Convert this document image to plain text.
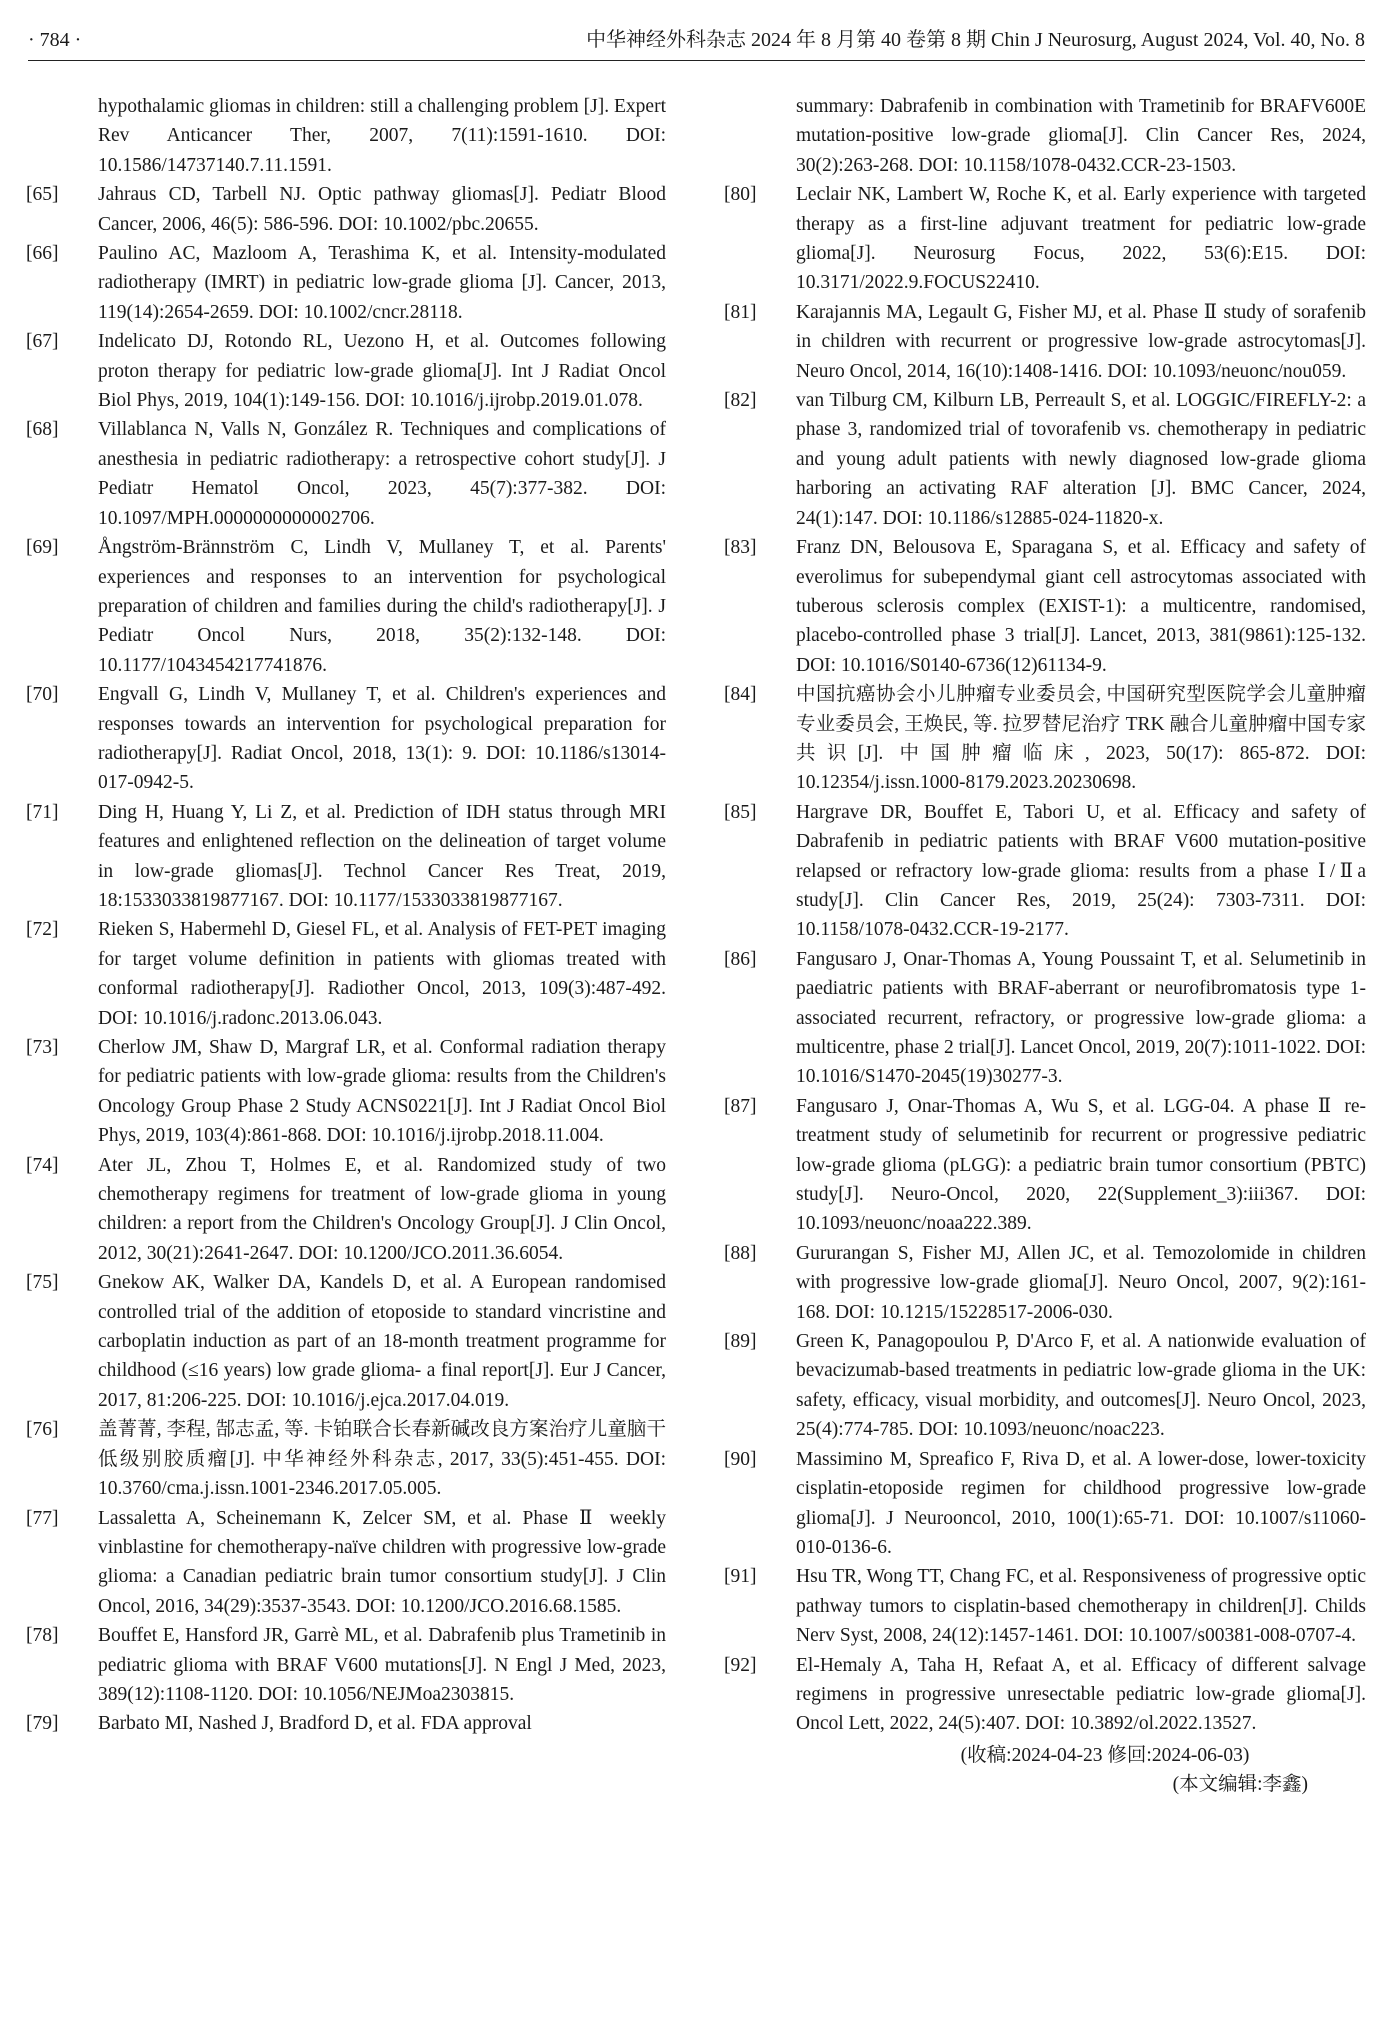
· 784 ·	中华神经外科杂志 2024 年 8 月第 40 卷第 8 期 Chin J Neurosurg, August 2024, Vol. 40, No. 8
hypothalamic gliomas in children: still a challenging problem [J]. Expert Rev Anticancer Ther, 2007, 7(11):1591-1610. DOI: 10.1586/14737140.7.11.1591.
[65] Jahraus CD, Tarbell NJ. Optic pathway gliomas[J]. Pediatr Blood Cancer, 2006, 46(5): 586-596. DOI: 10.1002/pbc.20655.
[66] Paulino AC, Mazloom A, Terashima K, et al. Intensity-modulated radiotherapy (IMRT) in pediatric low-grade glioma [J]. Cancer, 2013, 119(14):2654-2659. DOI: 10.1002/cncr.28118.
[67] Indelicato DJ, Rotondo RL, Uezono H, et al. Outcomes following proton therapy for pediatric low-grade glioma[J]. Int J Radiat Oncol Biol Phys, 2019, 104(1):149-156. DOI: 10.1016/j.ijrobp.2019.01.078.
[68] Villablanca N, Valls N, González R. Techniques and complications of anesthesia in pediatric radiotherapy: a retrospective cohort study[J]. J Pediatr Hematol Oncol, 2023, 45(7):377-382. DOI: 10.1097/MPH.0000000000002706.
[69] Ångström-Brännström C, Lindh V, Mullaney T, et al. Parents' experiences and responses to an intervention for psychological preparation of children and families during the child's radiotherapy[J]. J Pediatr Oncol Nurs, 2018, 35(2):132-148. DOI: 10.1177/1043454217741876.
[70] Engvall G, Lindh V, Mullaney T, et al. Children's experiences and responses towards an intervention for psychological preparation for radiotherapy[J]. Radiat Oncol, 2018, 13(1): 9. DOI: 10.1186/s13014-017-0942-5.
[71] Ding H, Huang Y, Li Z, et al. Prediction of IDH status through MRI features and enlightened reflection on the delineation of target volume in low-grade gliomas[J]. Technol Cancer Res Treat, 2019, 18:1533033819877167. DOI: 10.1177/1533033819877167.
[72] Rieken S, Habermehl D, Giesel FL, et al. Analysis of FET-PET imaging for target volume definition in patients with gliomas treated with conformal radiotherapy[J]. Radiother Oncol, 2013, 109(3):487-492. DOI: 10.1016/j.radonc.2013.06.043.
[73] Cherlow JM, Shaw D, Margraf LR, et al. Conformal radiation therapy for pediatric patients with low-grade glioma: results from the Children's Oncology Group Phase 2 Study ACNS0221[J]. Int J Radiat Oncol Biol Phys, 2019, 103(4):861-868. DOI: 10.1016/j.ijrobp.2018.11.004.
[74] Ater JL, Zhou T, Holmes E, et al. Randomized study of two chemotherapy regimens for treatment of low-grade glioma in young children: a report from the Children's Oncology Group[J]. J Clin Oncol, 2012, 30(21):2641-2647. DOI: 10.1200/JCO.2011.36.6054.
[75] Gnekow AK, Walker DA, Kandels D, et al. A European randomised controlled trial of the addition of etoposide to standard vincristine and carboplatin induction as part of an 18-month treatment programme for childhood (≤16 years) low grade glioma- a final report[J]. Eur J Cancer, 2017, 81:206-225. DOI: 10.1016/j.ejca.2017.04.019.
[76] 盖菁菁, 李程, 郜志孟, 等. 卡铂联合长春新碱改良方案治疗儿童脑干低级别胶质瘤[J]. 中华神经外科杂志, 2017, 33(5):451-455. DOI: 10.3760/cma.j.issn.1001-2346.2017.05.005.
[77] Lassaletta A, Scheinemann K, Zelcer SM, et al. Phase Ⅱ weekly vinblastine for chemotherapy-naïve children with progressive low-grade glioma: a Canadian pediatric brain tumor consortium study[J]. J Clin Oncol, 2016, 34(29):3537-3543. DOI: 10.1200/JCO.2016.68.1585.
[78] Bouffet E, Hansford JR, Garrè ML, et al. Dabrafenib plus Trametinib in pediatric glioma with BRAF V600 mutations[J]. N Engl J Med, 2023, 389(12):1108-1120. DOI: 10.1056/NEJMoa2303815.
[79] Barbato MI, Nashed J, Bradford D, et al. FDA approval
summary: Dabrafenib in combination with Trametinib for BRAFV600E mutation-positive low-grade glioma[J]. Clin Cancer Res, 2024, 30(2):263-268. DOI: 10.1158/1078-0432.CCR-23-1503.
[80] Leclair NK, Lambert W, Roche K, et al. Early experience with targeted therapy as a first-line adjuvant treatment for pediatric low-grade glioma[J]. Neurosurg Focus, 2022, 53(6):E15. DOI: 10.3171/2022.9.FOCUS22410.
[81] Karajannis MA, Legault G, Fisher MJ, et al. Phase Ⅱ study of sorafenib in children with recurrent or progressive low-grade astrocytomas[J]. Neuro Oncol, 2014, 16(10):1408-1416. DOI: 10.1093/neuonc/nou059.
[82] van Tilburg CM, Kilburn LB, Perreault S, et al. LOGGIC/FIREFLY-2: a phase 3, randomized trial of tovorafenib vs. chemotherapy in pediatric and young adult patients with newly diagnosed low-grade glioma harboring an activating RAF alteration [J]. BMC Cancer, 2024, 24(1):147. DOI: 10.1186/s12885-024-11820-x.
[83] Franz DN, Belousova E, Sparagana S, et al. Efficacy and safety of everolimus for subependymal giant cell astrocytomas associated with tuberous sclerosis complex (EXIST-1): a multicentre, randomised, placebo-controlled phase 3 trial[J]. Lancet, 2013, 381(9861):125-132. DOI: 10.1016/S0140-6736(12)61134-9.
[84] 中国抗癌协会小儿肿瘤专业委员会, 中国研究型医院学会儿童肿瘤专业委员会, 王焕民, 等. 拉罗替尼治疗 TRK 融合儿童肿瘤中国专家共识[J]. 中国肿瘤临床, 2023, 50(17): 865-872. DOI: 10.12354/j.issn.1000-8179.2023.20230698.
[85] Hargrave DR, Bouffet E, Tabori U, et al. Efficacy and safety of Dabrafenib in pediatric patients with BRAF V600 mutation-positive relapsed or refractory low-grade glioma: results from a phase Ⅰ/Ⅱa study[J]. Clin Cancer Res, 2019, 25(24): 7303-7311. DOI: 10.1158/1078-0432.CCR-19-2177.
[86] Fangusaro J, Onar-Thomas A, Young Poussaint T, et al. Selumetinib in paediatric patients with BRAF-aberrant or neurofibromatosis type 1-associated recurrent, refractory, or progressive low-grade glioma: a multicentre, phase 2 trial[J]. Lancet Oncol, 2019, 20(7):1011-1022. DOI: 10.1016/S1470-2045(19)30277-3.
[87] Fangusaro J, Onar-Thomas A, Wu S, et al. LGG-04. A phase Ⅱ re-treatment study of selumetinib for recurrent or progressive pediatric low-grade glioma (pLGG): a pediatric brain tumor consortium (PBTC) study[J]. Neuro-Oncol, 2020, 22(Supplement_3):iii367. DOI: 10.1093/neuonc/noaa222.389.
[88] Gururangan S, Fisher MJ, Allen JC, et al. Temozolomide in children with progressive low-grade glioma[J]. Neuro Oncol, 2007, 9(2):161-168. DOI: 10.1215/15228517-2006-030.
[89] Green K, Panagopoulou P, D'Arco F, et al. A nationwide evaluation of bevacizumab-based treatments in pediatric low-grade glioma in the UK: safety, efficacy, visual morbidity, and outcomes[J]. Neuro Oncol, 2023, 25(4):774-785. DOI: 10.1093/neuonc/noac223.
[90] Massimino M, Spreafico F, Riva D, et al. A lower-dose, lower-toxicity cisplatin-etoposide regimen for childhood progressive low-grade glioma[J]. J Neurooncol, 2010, 100(1):65-71. DOI: 10.1007/s11060-010-0136-6.
[91] Hsu TR, Wong TT, Chang FC, et al. Responsiveness of progressive optic pathway tumors to cisplatin-based chemotherapy in children[J]. Childs Nerv Syst, 2008, 24(12):1457-1461. DOI: 10.1007/s00381-008-0707-4.
[92] El-Hemaly A, Taha H, Refaat A, et al. Efficacy of different salvage regimens in progressive unresectable pediatric low-grade glioma[J]. Oncol Lett, 2022, 24(5):407. DOI: 10.3892/ol.2022.13527.
(收稿:2024-04-23 修回:2024-06-03)
(本文编辑:李鑫)
